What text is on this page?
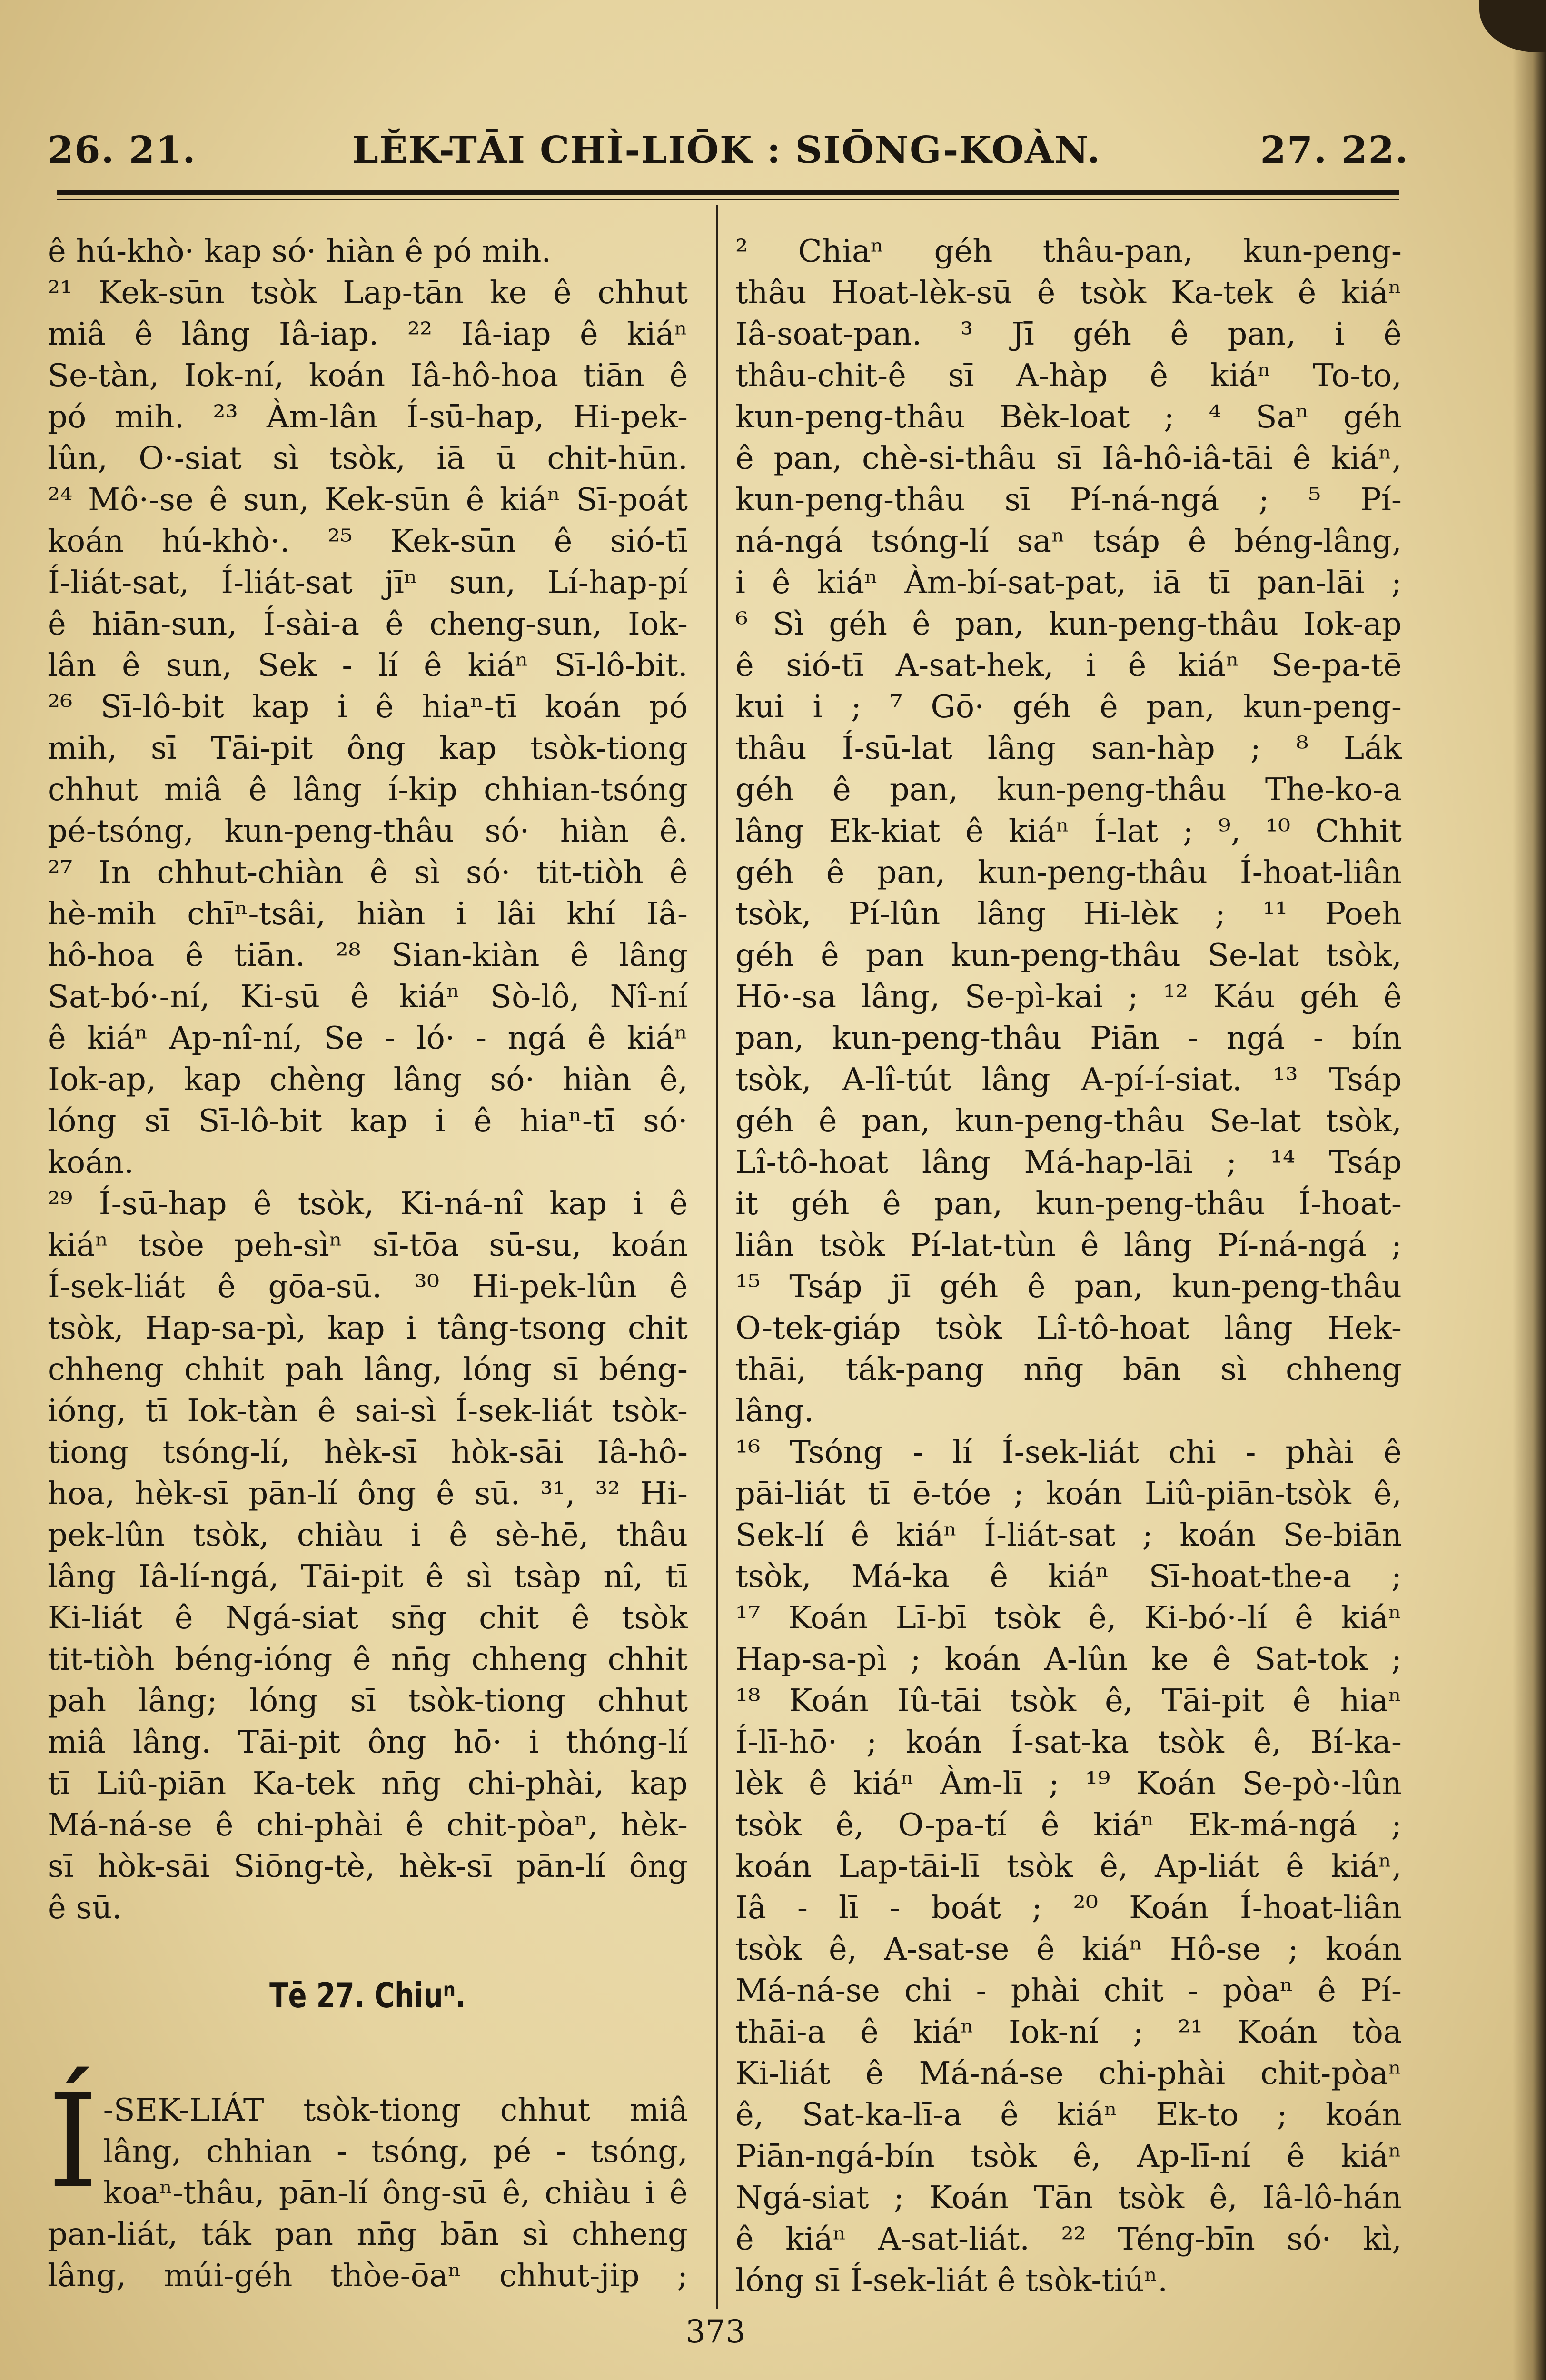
26. 21.	LĔK-TĀI CHÌ-LIŌK : SIŌNG-KOÀN.	27. 22.

ê hú-khò· kap só· hiàn ê pó mih.

²¹ Kek-sūn tsòk Lap-tān ke ê chhut

miâ ê lâng Iâ-iap. ²² Iâ-iap ê kiáⁿ

Se-tàn, Iok-ní, koán Iâ-hô-hoa tiān ê

pó mih. ²³ Àm-lân Í-sū-hap, Hi-pek-

lûn, O·-siat sì tsòk, iā ū chit-hūn.

²⁴ Mô·-se ê sun, Kek-sūn ê kiáⁿ Sī-poát

koán hú-khò·. ²⁵ Kek-sūn ê sió-tī

Í-liát-sat, Í-liát-sat jīⁿ sun, Lí-hap-pí

ê hiān-sun, Í-sài-a ê cheng-sun, Iok-

lân ê sun, Sek - lí ê kiáⁿ Sī-lô-bit.

²⁶ Sī-lô-bit kap i ê hiaⁿ-tī koán pó

mih, sī Tāi-pit ông kap tsòk-tiong

chhut miâ ê lâng í-kip chhian-tsóng

pé-tsóng, kun-peng-thâu só· hiàn ê.

²⁷ In chhut-chiàn ê sì só· tit-tiòh ê

hè-mih chīⁿ-tsâi, hiàn i lâi khí Iâ-

hô-hoa ê tiān. ²⁸ Sian-kiàn ê lâng

Sat-bó·-ní, Ki-sū ê kiáⁿ Sò-lô, Nî-ní

ê kiáⁿ Ap-nî-ní, Se - ló· - ngá ê kiáⁿ

Iok-ap, kap chèng lâng só· hiàn ê,

lóng sī Sī-lô-bit kap i ê hiaⁿ-tī só·

koán.

²⁹ Í-sū-hap ê tsòk, Ki-ná-nî kap i ê

kiáⁿ tsòe peh-sìⁿ sī-tōa sū-su, koán

Í-sek-liát ê gōa-sū. ³⁰ Hi-pek-lûn ê

tsòk, Hap-sa-pì, kap i tâng-tsong chit

chheng chhit pah lâng, lóng sī béng-

ióng, tī Iok-tàn ê sai-sì Í-sek-liát tsòk-

tiong tsóng-lí, hèk-sī hòk-sāi Iâ-hô-

hoa, hèk-sī pān-lí ông ê sū. ³¹, ³² Hi-

pek-lûn tsòk, chiàu i ê sè-hē, thâu

lâng Iâ-lí-ngá, Tāi-pit ê sì tsàp nî, tī

Ki-liát ê Ngá-siat sn̄g chit ê tsòk

tit-tiòh béng-ióng ê nn̄g chheng chhit

pah lâng; lóng sī tsòk-tiong chhut

miâ lâng. Tāi-pit ông hō· i thóng-lí

tī Liû-piān Ka-tek nn̄g chi-phài, kap

Má-ná-se ê chi-phài ê chit-pòaⁿ, hèk-

sī hòk-sāi Siōng-tè, hèk-sī pān-lí ông

ê sū.

Tē 27. Chiuⁿ.
Í -SEK-LIÁT tsòk-tiong chhut miâ

lâng, chhian - tsóng, pé - tsóng,

koaⁿ-thâu, pān-lí ông-sū ê, chiàu i ê

pan-liát, ták pan nn̄g bān sì chheng

lâng, múi-géh thòe-ōaⁿ chhut-jip ;

² Chiaⁿ géh thâu-pan, kun-peng-

thâu Hoat-lèk-sū ê tsòk Ka-tek ê kiáⁿ

Iâ-soat-pan. ³ Jī géh ê pan, i ê

thâu-chit-ê sī A-hàp ê kiáⁿ To-to,

kun-peng-thâu Bèk-loat ; ⁴ Saⁿ géh

ê pan, chè-si-thâu sī Iâ-hô-iâ-tāi ê kiáⁿ,

kun-peng-thâu sī Pí-ná-ngá ; ⁵ Pí-

ná-ngá tsóng-lí saⁿ tsáp ê béng-lâng,

i ê kiáⁿ Àm-bí-sat-pat, iā tī pan-lāi ;

⁶ Sì géh ê pan, kun-peng-thâu Iok-ap

ê sió-tī A-sat-hek, i ê kiáⁿ Se-pa-tē

kui i ; ⁷ Gō· géh ê pan, kun-peng-

thâu Í-sū-lat lâng san-hàp ; ⁸ Lák

géh ê pan, kun-peng-thâu The-ko-a

lâng Ek-kiat ê kiáⁿ Í-lat ; ⁹, ¹⁰ Chhit

géh ê pan, kun-peng-thâu Í-hoat-liân

tsòk, Pí-lûn lâng Hi-lèk ; ¹¹ Poeh

géh ê pan kun-peng-thâu Se-lat tsòk,

Hō·-sa lâng, Se-pì-kai ; ¹² Káu géh ê

pan, kun-peng-thâu Piān - ngá - bín

tsòk, A-lî-tút lâng A-pí-í-siat. ¹³ Tsáp

géh ê pan, kun-peng-thâu Se-lat tsòk,

Lî-tô-hoat lâng Má-hap-lāi ; ¹⁴ Tsáp

it géh ê pan, kun-peng-thâu Í-hoat-

liân tsòk Pí-lat-tùn ê lâng Pí-ná-ngá ;

¹⁵ Tsáp jī géh ê pan, kun-peng-thâu

O-tek-giáp tsòk Lî-tô-hoat lâng Hek-

thāi, ták-pang nn̄g bān sì chheng

lâng.

¹⁶ Tsóng - lí Í-sek-liát chi - phài ê

pāi-liát tī ē-tóe ; koán Liû-piān-tsòk ê,

Sek-lí ê kiáⁿ Í-liát-sat ; koán Se-biān

tsòk, Má-ka ê kiáⁿ Sī-hoat-the-a ;

¹⁷ Koán Lī-bī tsòk ê, Ki-bó·-lí ê kiáⁿ

Hap-sa-pì ; koán A-lûn ke ê Sat-tok ;

¹⁸ Koán Iû-tāi tsòk ê, Tāi-pit ê hiaⁿ

Í-lī-hō· ; koán Í-sat-ka tsòk ê, Bí-ka-

lèk ê kiáⁿ Àm-lī ; ¹⁹ Koán Se-pò·-lûn

tsòk ê, O-pa-tí ê kiáⁿ Ek-má-ngá ;

koán Lap-tāi-lī tsòk ê, Ap-liát ê kiáⁿ,

Iâ - lī - boát ; ²⁰ Koán Í-hoat-liân

tsòk ê, A-sat-se ê kiáⁿ Hô-se ; koán

Má-ná-se chi - phài chit - pòaⁿ ê Pí-

thāi-a ê kiáⁿ Iok-ní ; ²¹ Koán tòa

Ki-liát ê Má-ná-se chi-phài chit-pòaⁿ

ê, Sat-ka-lī-a ê kiáⁿ Ek-to ; koán

Piān-ngá-bín tsòk ê, Ap-lī-ní ê kiáⁿ

Ngá-siat ; Koán Tān tsòk ê, Iâ-lô-hán

ê kiáⁿ A-sat-liát. ²² Téng-bīn só· kì,

lóng sī Í-sek-liát ê tsòk-tiúⁿ.

373
